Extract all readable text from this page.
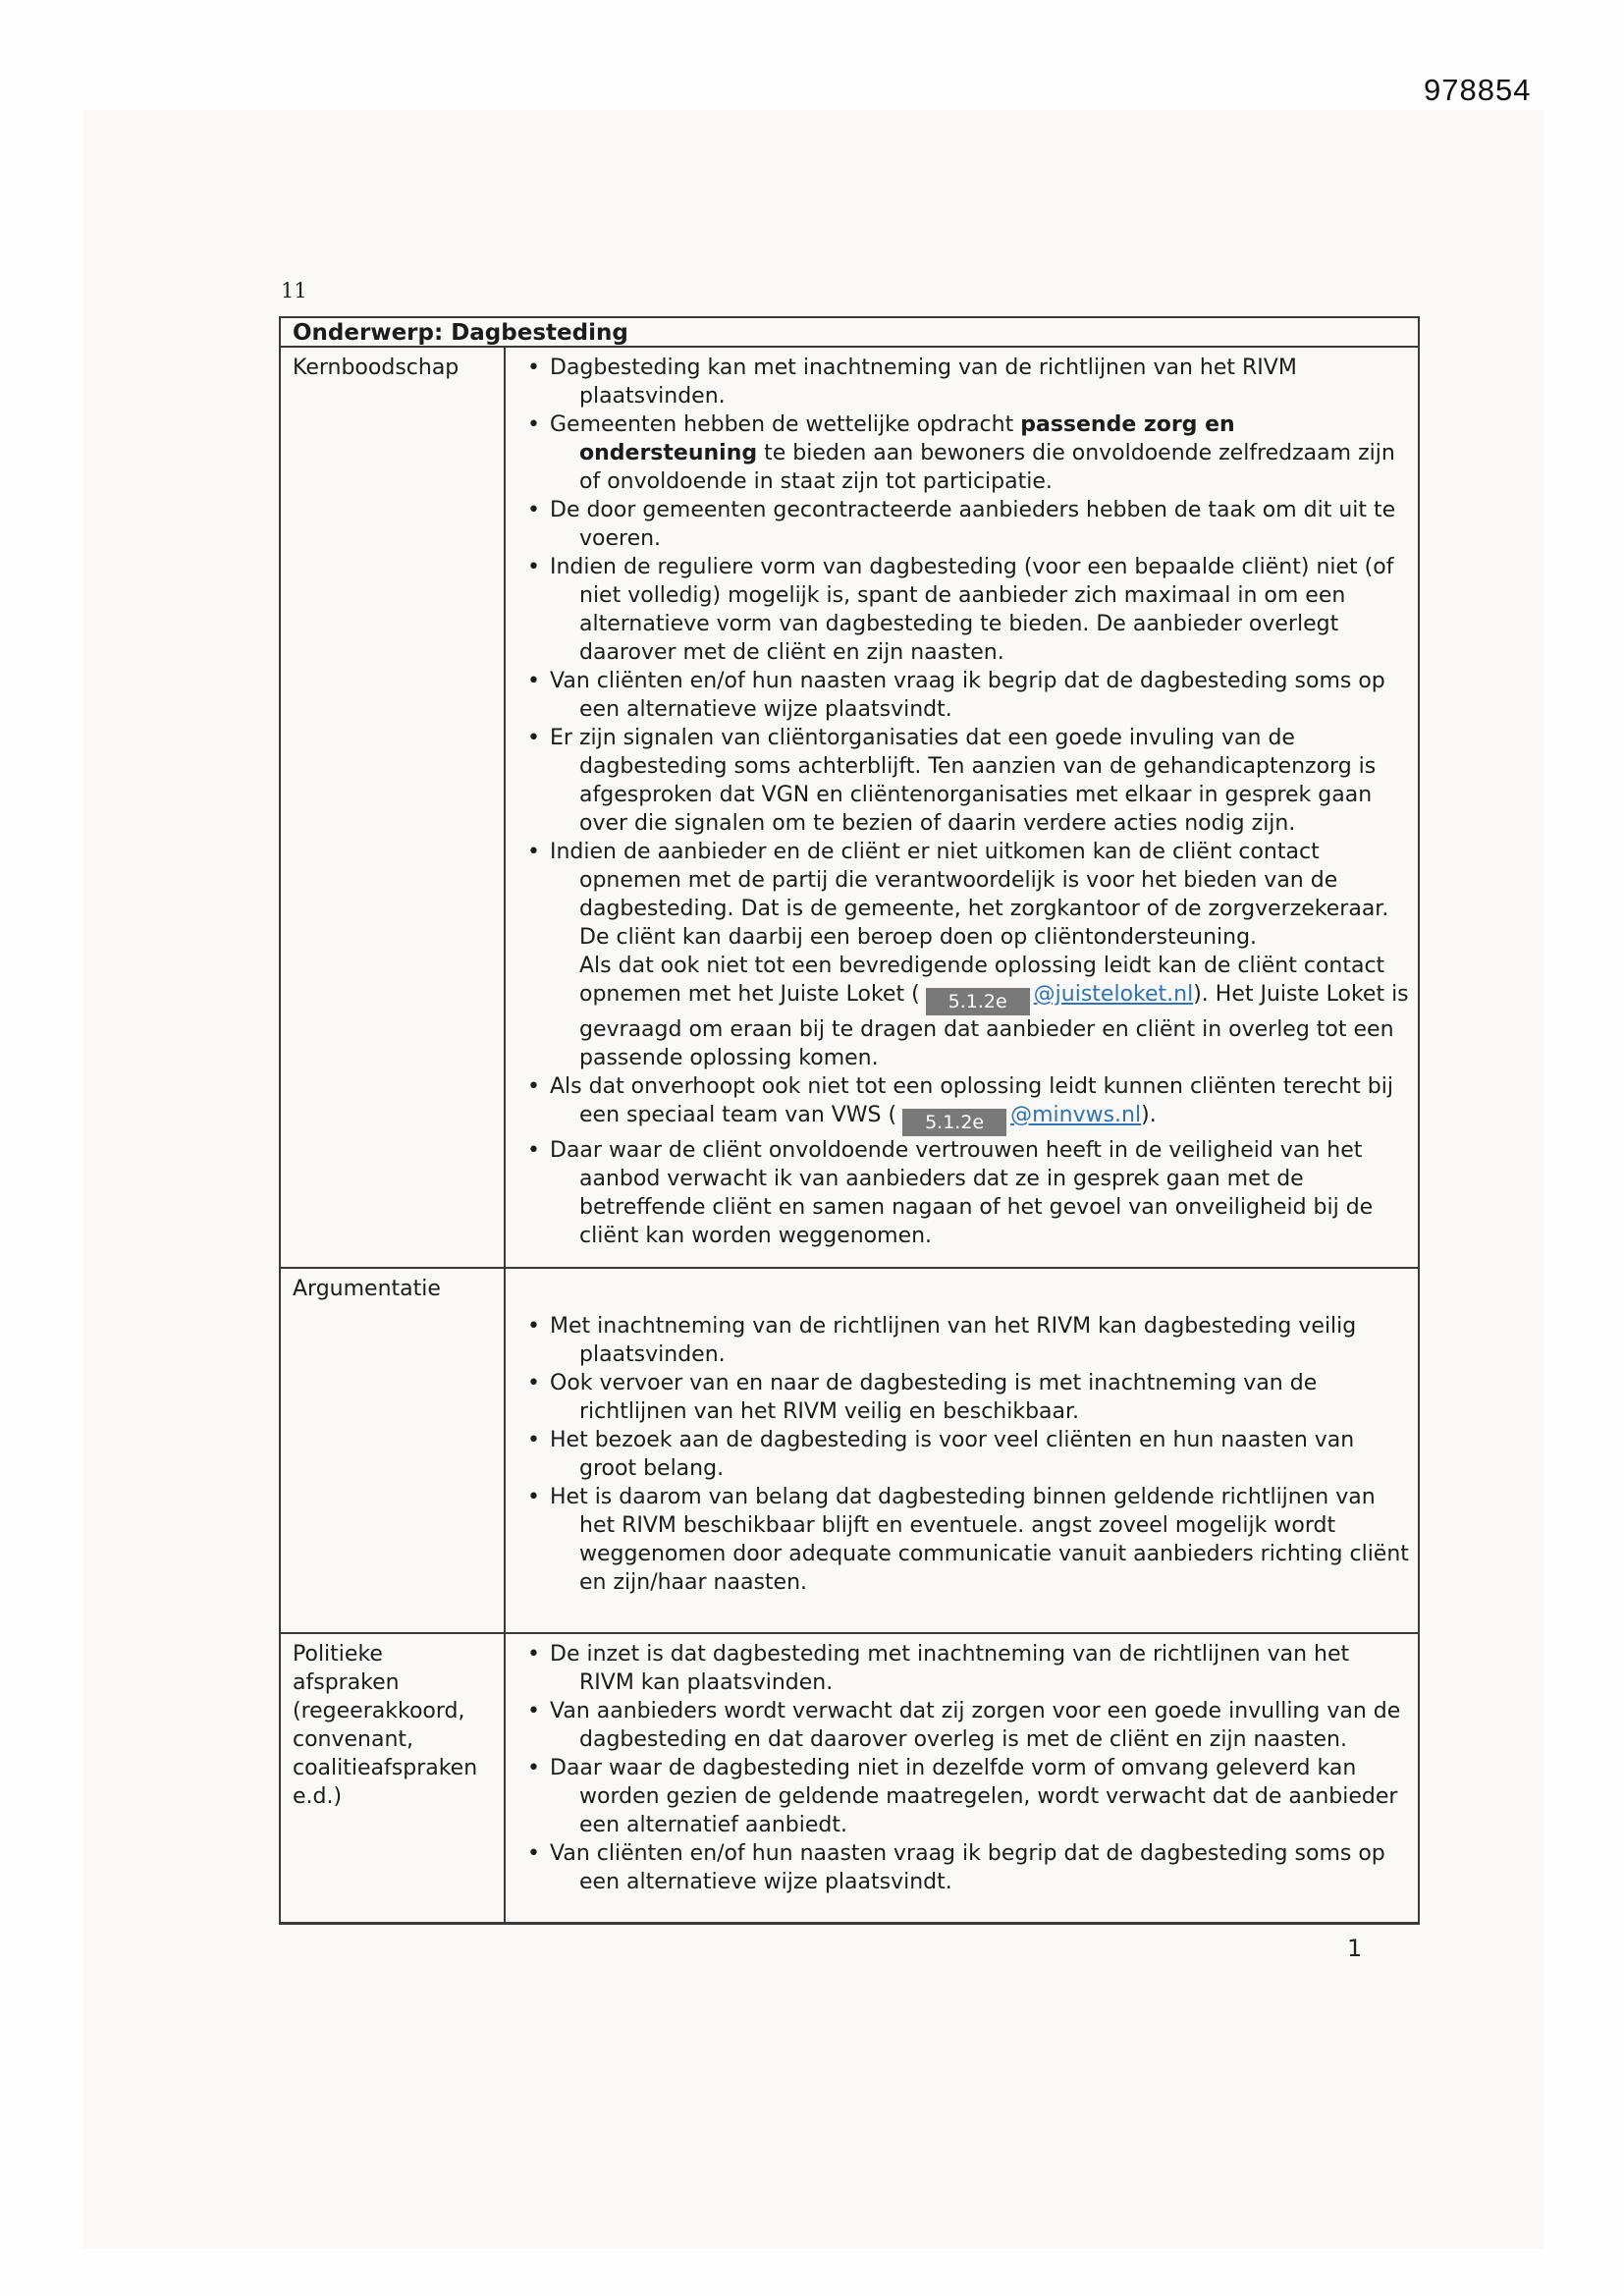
978854
11
Onderwerp: Dagbesteding
Kernboodschap	• Dagbesteding kan met inachtneming van de richtlijnen van het RIVM plaatsvinden.
• Gemeenten hebben de wettelijke opdracht passende zorg en ondersteuning te bieden aan bewoners die onvoldoende zelfredzaam zijn of onvoldoende in staat zijn tot participatie.
• De door gemeenten gecontracteerde aanbieders hebben de taak om dit uit te voeren.
• Indien de reguliere vorm van dagbesteding (voor een bepaalde cliënt) niet (of niet volledig) mogelijk is, spant de aanbieder zich maximaal in om een alternatieve vorm van dagbesteding te bieden. De aanbieder overlegt daarover met de cliënt en zijn naasten.
• Van cliënten en/of hun naasten vraag ik begrip dat de dagbesteding soms op een alternatieve wijze plaatsvindt.
• Er zijn signalen van cliëntorganisaties dat een goede invuling van de dagbesteding soms achterblijft. Ten aanzien van de gehandicaptenzorg is afgesproken dat VGN en cliëntenorganisaties met elkaar in gesprek gaan over die signalen om te bezien of daarin verdere acties nodig zijn.
• Indien de aanbieder en de cliënt er niet uitkomen kan de cliënt contact opnemen met de partij die verantwoordelijk is voor het bieden van de dagbesteding. Dat is de gemeente, het zorgkantoor of de zorgverzekeraar. De cliënt kan daarbij een beroep doen op cliëntondersteuning.
Als dat ook niet tot een bevredigende oplossing leidt kan de cliënt contact opnemen met het Juiste Loket ( 5.1.2e @juisteloket.nl). Het Juiste Loket is gevraagd om eraan bij te dragen dat aanbieder en cliënt in overleg tot een passende oplossing komen.
• Als dat onverhoopt ook niet tot een oplossing leidt kunnen cliënten terecht bij een speciaal team van VWS ( 5.1.2e @minvws.nl).
• Daar waar de cliënt onvoldoende vertrouwen heeft in de veiligheid van het aanbod verwacht ik van aanbieders dat ze in gesprek gaan met de betreffende cliënt en samen nagaan of het gevoel van onveiligheid bij de cliënt kan worden weggenomen.
Argumentatie
• Met inachtneming van de richtlijnen van het RIVM kan dagbesteding veilig plaatsvinden.
• Ook vervoer van en naar de dagbesteding is met inachtneming van de richtlijnen van het RIVM veilig en beschikbaar.
• Het bezoek aan de dagbesteding is voor veel cliënten en hun naasten van groot belang.
• Het is daarom van belang dat dagbesteding binnen geldende richtlijnen van het RIVM beschikbaar blijft en eventuele. angst zoveel mogelijk wordt weggenomen door adequate communicatie vanuit aanbieders richting cliënt en zijn/haar naasten.
Politieke afspraken (regeerakkoord, convenant, coalitieafspraken e.d.)
• De inzet is dat dagbesteding met inachtneming van de richtlijnen van het RIVM kan plaatsvinden.
• Van aanbieders wordt verwacht dat zij zorgen voor een goede invulling van de dagbesteding en dat daarover overleg is met de cliënt en zijn naasten.
• Daar waar de dagbesteding niet in dezelfde vorm of omvang geleverd kan worden gezien de geldende maatregelen, wordt verwacht dat de aanbieder een alternatief aanbiedt.
• Van cliënten en/of hun naasten vraag ik begrip dat de dagbesteding soms op een alternatieve wijze plaatsvindt.
1
